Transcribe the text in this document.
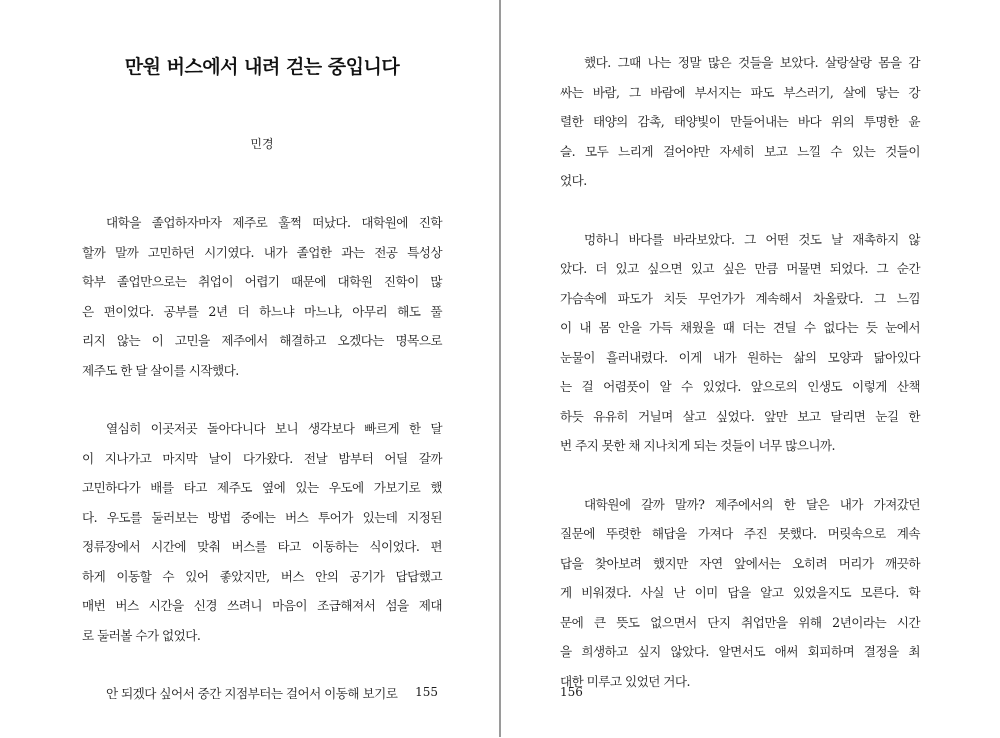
만원 버스에서 내려 걷는 중입니다
민경

대학을 졸업하자마자 제주로 훌쩍 떠났다. 대학원에 진학
할까 말까 고민하던 시기였다. 내가 졸업한 과는 전공 특성상
학부 졸업만으로는 취업이 어렵기 때문에 대학원 진학이 많
은 편이었다. 공부를 2년 더 하느냐 마느냐, 아무리 해도 풀
리지 않는 이 고민을 제주에서 해결하고 오겠다는 명목으로
제주도 한 달 살이를 시작했다.

열심히 이곳저곳 돌아다니다 보니 생각보다 빠르게 한 달
이 지나가고 마지막 날이 다가왔다. 전날 밤부터 어딜 갈까
고민하다가 배를 타고 제주도 옆에 있는 우도에 가보기로 했
다. 우도를 둘러보는 방법 중에는 버스 투어가 있는데 지정된
정류장에서 시간에 맞춰 버스를 타고 이동하는 식이었다. 편
하게 이동할 수 있어 좋았지만, 버스 안의 공기가 답답했고
매번 버스 시간을 신경 쓰려니 마음이 조급해져서 섬을 제대
로 둘러볼 수가 없었다.

안 되겠다 싶어서 중간 지점부터는 걸어서 이동해 보기로	155

했다. 그때 나는 정말 많은 것들을 보았다. 살랑살랑 몸을 감
싸는 바람, 그 바람에 부서지는 파도 부스러기, 살에 닿는 강
렬한 태양의 감촉, 태양빛이 만들어내는 바다 위의 투명한 윤
슬. 모두 느리게 걸어야만 자세히 보고 느낄 수 있는 것들이
었다.

멍하니 바다를 바라보았다. 그 어떤 것도 날 재촉하지 않
았다. 더 있고 싶으면 있고 싶은 만큼 머물면 되었다. 그 순간
가슴속에 파도가 치듯 무언가가 계속해서 차올랐다. 그 느낌
이 내 몸 안을 가득 채웠을 때 더는 견딜 수 없다는 듯 눈에서
눈물이 흘러내렸다. 이게 내가 원하는 삶의 모양과 닮아있다
는 걸 어렴풋이 알 수 있었다. 앞으로의 인생도 이렇게 산책
하듯 유유히 거닐며 살고 싶었다. 앞만 보고 달리면 눈길 한
번 주지 못한 채 지나치게 되는 것들이 너무 많으니까.

대학원에 갈까 말까? 제주에서의 한 달은 내가 가져갔던
질문에 뚜렷한 해답을 가져다 주진 못했다. 머릿속으로 계속
답을 찾아보려 했지만 자연 앞에서는 오히려 머리가 깨끗하
게 비워졌다. 사실 난 이미 답을 알고 있었을지도 모른다. 학
문에 큰 뜻도 없으면서 단지 취업만을 위해 2년이라는 시간
을 희생하고 싶지 않았다. 알면서도 애써 회피하며 결정을 최
대한 미루고 있었던 거다.

156
